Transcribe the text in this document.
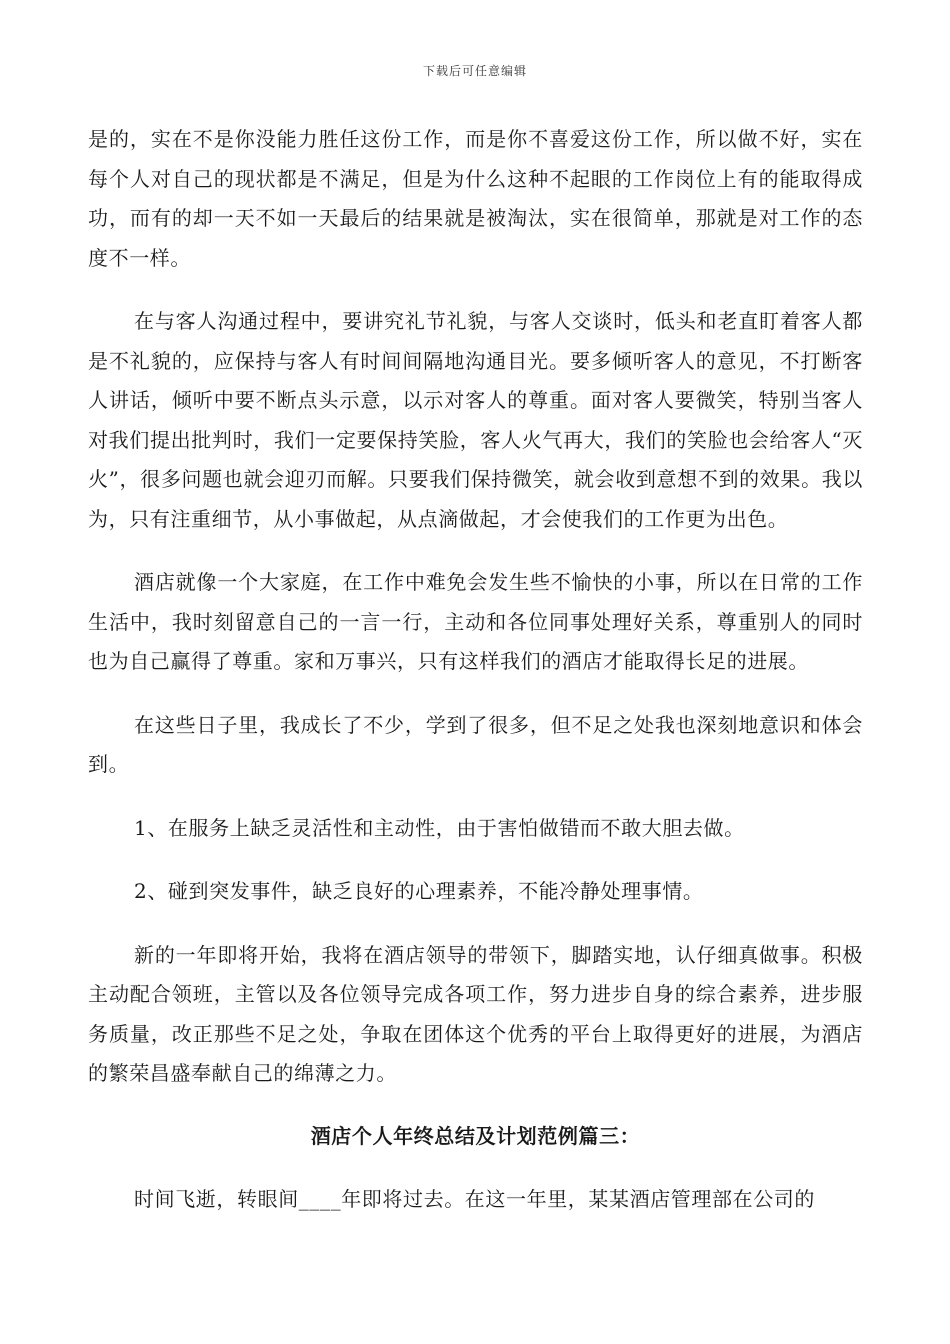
下载后可任意编辑

是的，实在不是你没能力胜任这份工作，而是你不喜爱这份工作，所以做不好，实在每个人对自己的现状都是不满足，但是为什么这种不起眼的工作岗位上有的能取得成功，而有的却一天不如一天最后的结果就是被淘汰，实在很简单，那就是对工作的态度不一样。

在与客人沟通过程中，要讲究礼节礼貌，与客人交谈时，低头和老直盯着客人都是不礼貌的，应保持与客人有时间间隔地沟通目光。要多倾听客人的意见，不打断客人讲话，倾听中要不断点头示意，以示对客人的尊重。面对客人要微笑，特别当客人对我们提出批判时，我们一定要保持笑脸，客人火气再大，我们的笑脸也会给客人“灭火”，很多问题也就会迎刃而解。只要我们保持微笑，就会收到意想不到的效果。我以为，只有注重细节，从小事做起，从点滴做起，才会使我们的工作更为出色。

酒店就像一个大家庭，在工作中难免会发生些不愉快的小事，所以在日常的工作生活中，我时刻留意自己的一言一行，主动和各位同事处理好关系，尊重别人的同时也为自己赢得了尊重。家和万事兴，只有这样我们的酒店才能取得长足的进展。

在这些日子里，我成长了不少，学到了很多，但不足之处我也深刻地意识和体会到。

1、在服务上缺乏灵活性和主动性，由于害怕做错而不敢大胆去做。

2、碰到突发事件，缺乏良好的心理素养，不能冷静处理事情。

新的一年即将开始，我将在酒店领导的带领下，脚踏实地，认仔细真做事。积极主动配合领班，主管以及各位领导完成各项工作，努力进步自身的综合素养，进步服务质量，改正那些不足之处，争取在团体这个优秀的平台上取得更好的进展，为酒店的繁荣昌盛奉献自己的绵薄之力。

酒店个人年终总结及计划范例篇三：

时间飞逝，转眼间____年即将过去。在这一年里，某某酒店管理部在公司的
